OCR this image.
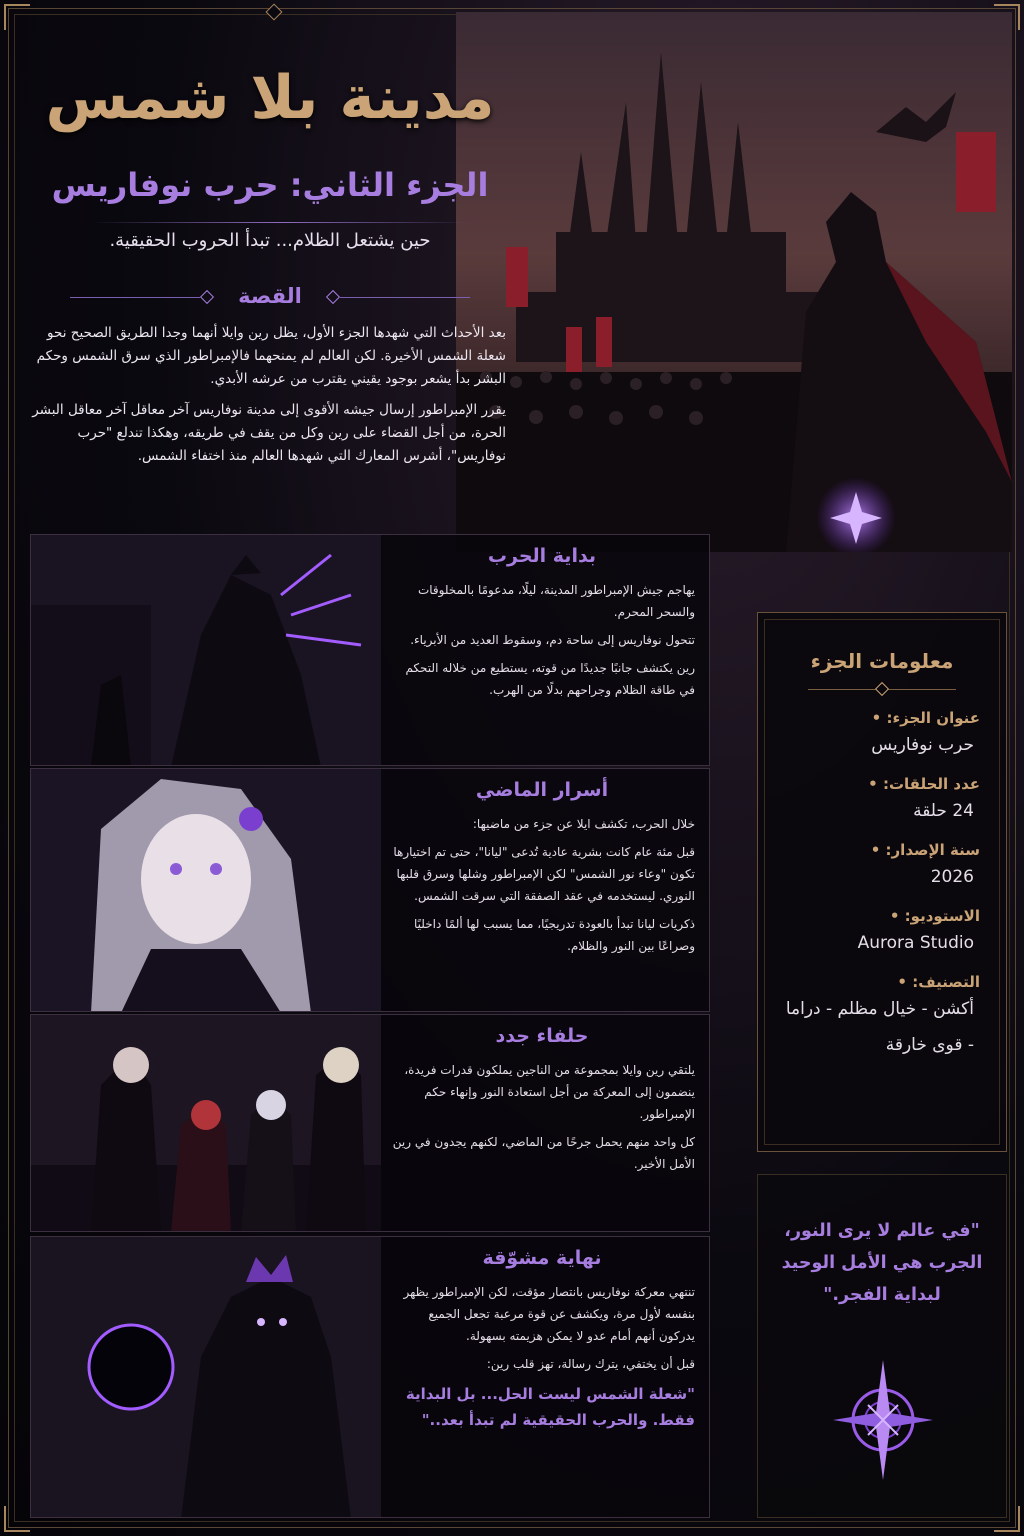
مدينة بلا شمس
الجزء الثاني: حرب نوفاريس
حين يشتعل الظلام... تبدأ الحروب الحقيقية.
القصة

بعد الأحداث التي شهدها الجزء الأول، يظل رين وايلا أنهما وجدا الطريق الصحيح نحو شعلة الشمس الأخيرة. لكن العالم لم يمنحهما فالإمبراطور الذي سرق الشمس وحكم البشر بدأ يشعر بوجود يقيني يقترب من عرشه الأبدي.

يقرر الإمبراطور إرسال جيشه الأقوى إلى مدينة نوفاريس آخر معاقل آخر معاقل البشر الحرة، من أجل القضاء على رين وكل من يقف في طريقه، وهكذا تندلع "حرب نوفاريس"، أشرس المعارك التي شهدها العالم منذ اختفاء الشمس.

بداية الحرب

يهاجم جيش الإمبراطور المدينة، ليلًا، مدعومًا بالمخلوقات والسحر المحرم.

تتحول نوفاريس إلى ساحة دم، وسقوط العديد من الأبرياء.

رين يكتشف جانبًا جديدًا من قوته، يستطيع من خلاله التحكم في طاقة الظلام وجراحهم بدلًا من الهرب.

أسرار الماضي

خلال الحرب، تكشف ايلا عن جزء من ماضيها:

قبل مئة عام كانت بشرية عادية تُدعى "ليانا"، حتى تم اختيارها تكون "وعاء نور الشمس" لكن الإمبراطور وشلها وسرق قلبها النوري. ليستخدمه في عقد الصفقة التي سرقت الشمس.

ذكريات ليانا تبدأ بالعودة تدريجيًا، مما يسبب لها ألمًا داخليًا وصراعًا بين النور والظلام.

حلفاء جدد

يلتقي رين وايلا بمجموعة من الناجين يملكون قدرات فريدة، ينضمون إلى المعركة من أجل استعادة النور وإنهاء حكم الإمبراطور.

كل واحد منهم يحمل جرحًا من الماضي، لكنهم يجدون في رين الأمل الأخير.

نهاية مشوّقة

تنتهي معركة نوفاريس بانتصار مؤقت، لكن الإمبراطور يظهر بنفسه لأول مرة، ويكشف عن قوة مرعبة تجعل الجميع يدركون أنهم أمام عدو لا يمكن هزيمته بسهولة.

قبل أن يختفي، يترك رسالة، تهز قلب رين:

"شعلة الشمس ليست الحل... بل البداية فقط. والحرب الحقيقية لم تبدأ بعد.."

معلومات الجزء
عنوان الجزء: •
حرب نوفاريس
عدد الحلقات: •
24 حلقة
سنة الإصدار: •
2026
الاستوديو: •
Aurora Studio
التصنيف: •
أكشن - خيال مظلم - دراما - قوى خارقة
"في عالم لا يرى النور، الجرب هي الأمل الوحيد لبداية الفجر."
